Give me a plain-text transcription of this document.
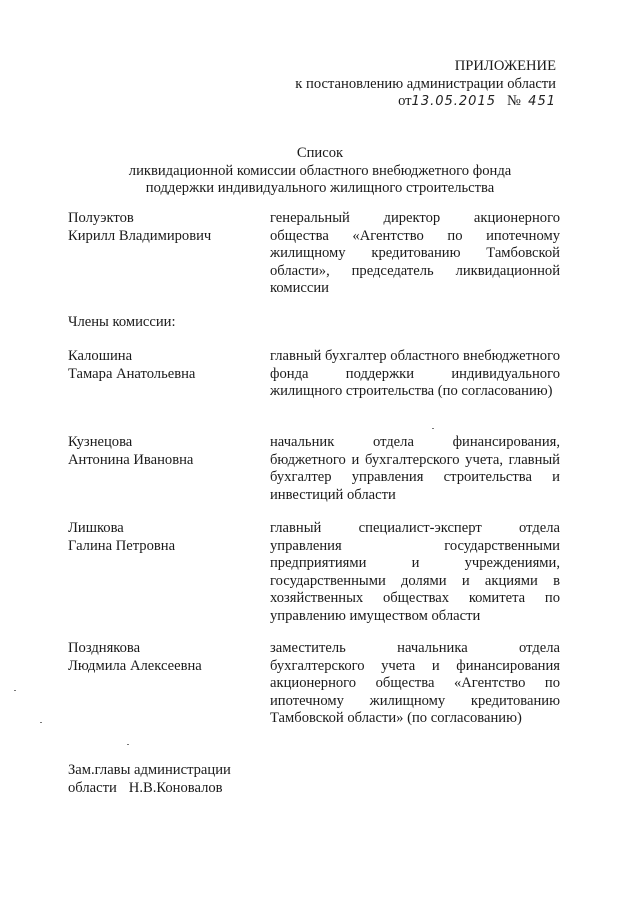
ПРИЛОЖЕНИЕ
к постановлению администрации области
от13.05.2015 № 451
Список
ликвидационной комиссии областного внебюджетного фонда
поддержки индивидуального жилищного строительства
Полуэктов
Кирилл Владимирович
генеральный директор акционерного общества «Агентство по ипотечному жилищному кредитованию Тамбовской области», председатель ликвидационной комиссии
Члены комиссии:
Калошина
Тамара Анатольевна
главный бухгалтер областного внебюджетного фонда поддержки индивидуального жилищного строительства (по согласованию)
Кузнецова
Антонина Ивановна
начальник отдела финансирования, бюджетного и бухгалтерского учета, главный бухгалтер управления строительства и инвестиций области
Лишкова
Галина Петровна
главный специалист-эксперт отдела управления государственными предприятиями и учреждениями, государственными долями и акциями в хозяйственных обществах комитета по управлению имуществом области
Позднякова
Людмила Алексеевна
заместитель начальника отдела бухгалтерского учета и финансирования акционерного общества «Агентство по ипотечному жилищному кредитованию Тамбовской области» (по согласованию)
Зам.главы администрации
области Н.В.Коновалов
